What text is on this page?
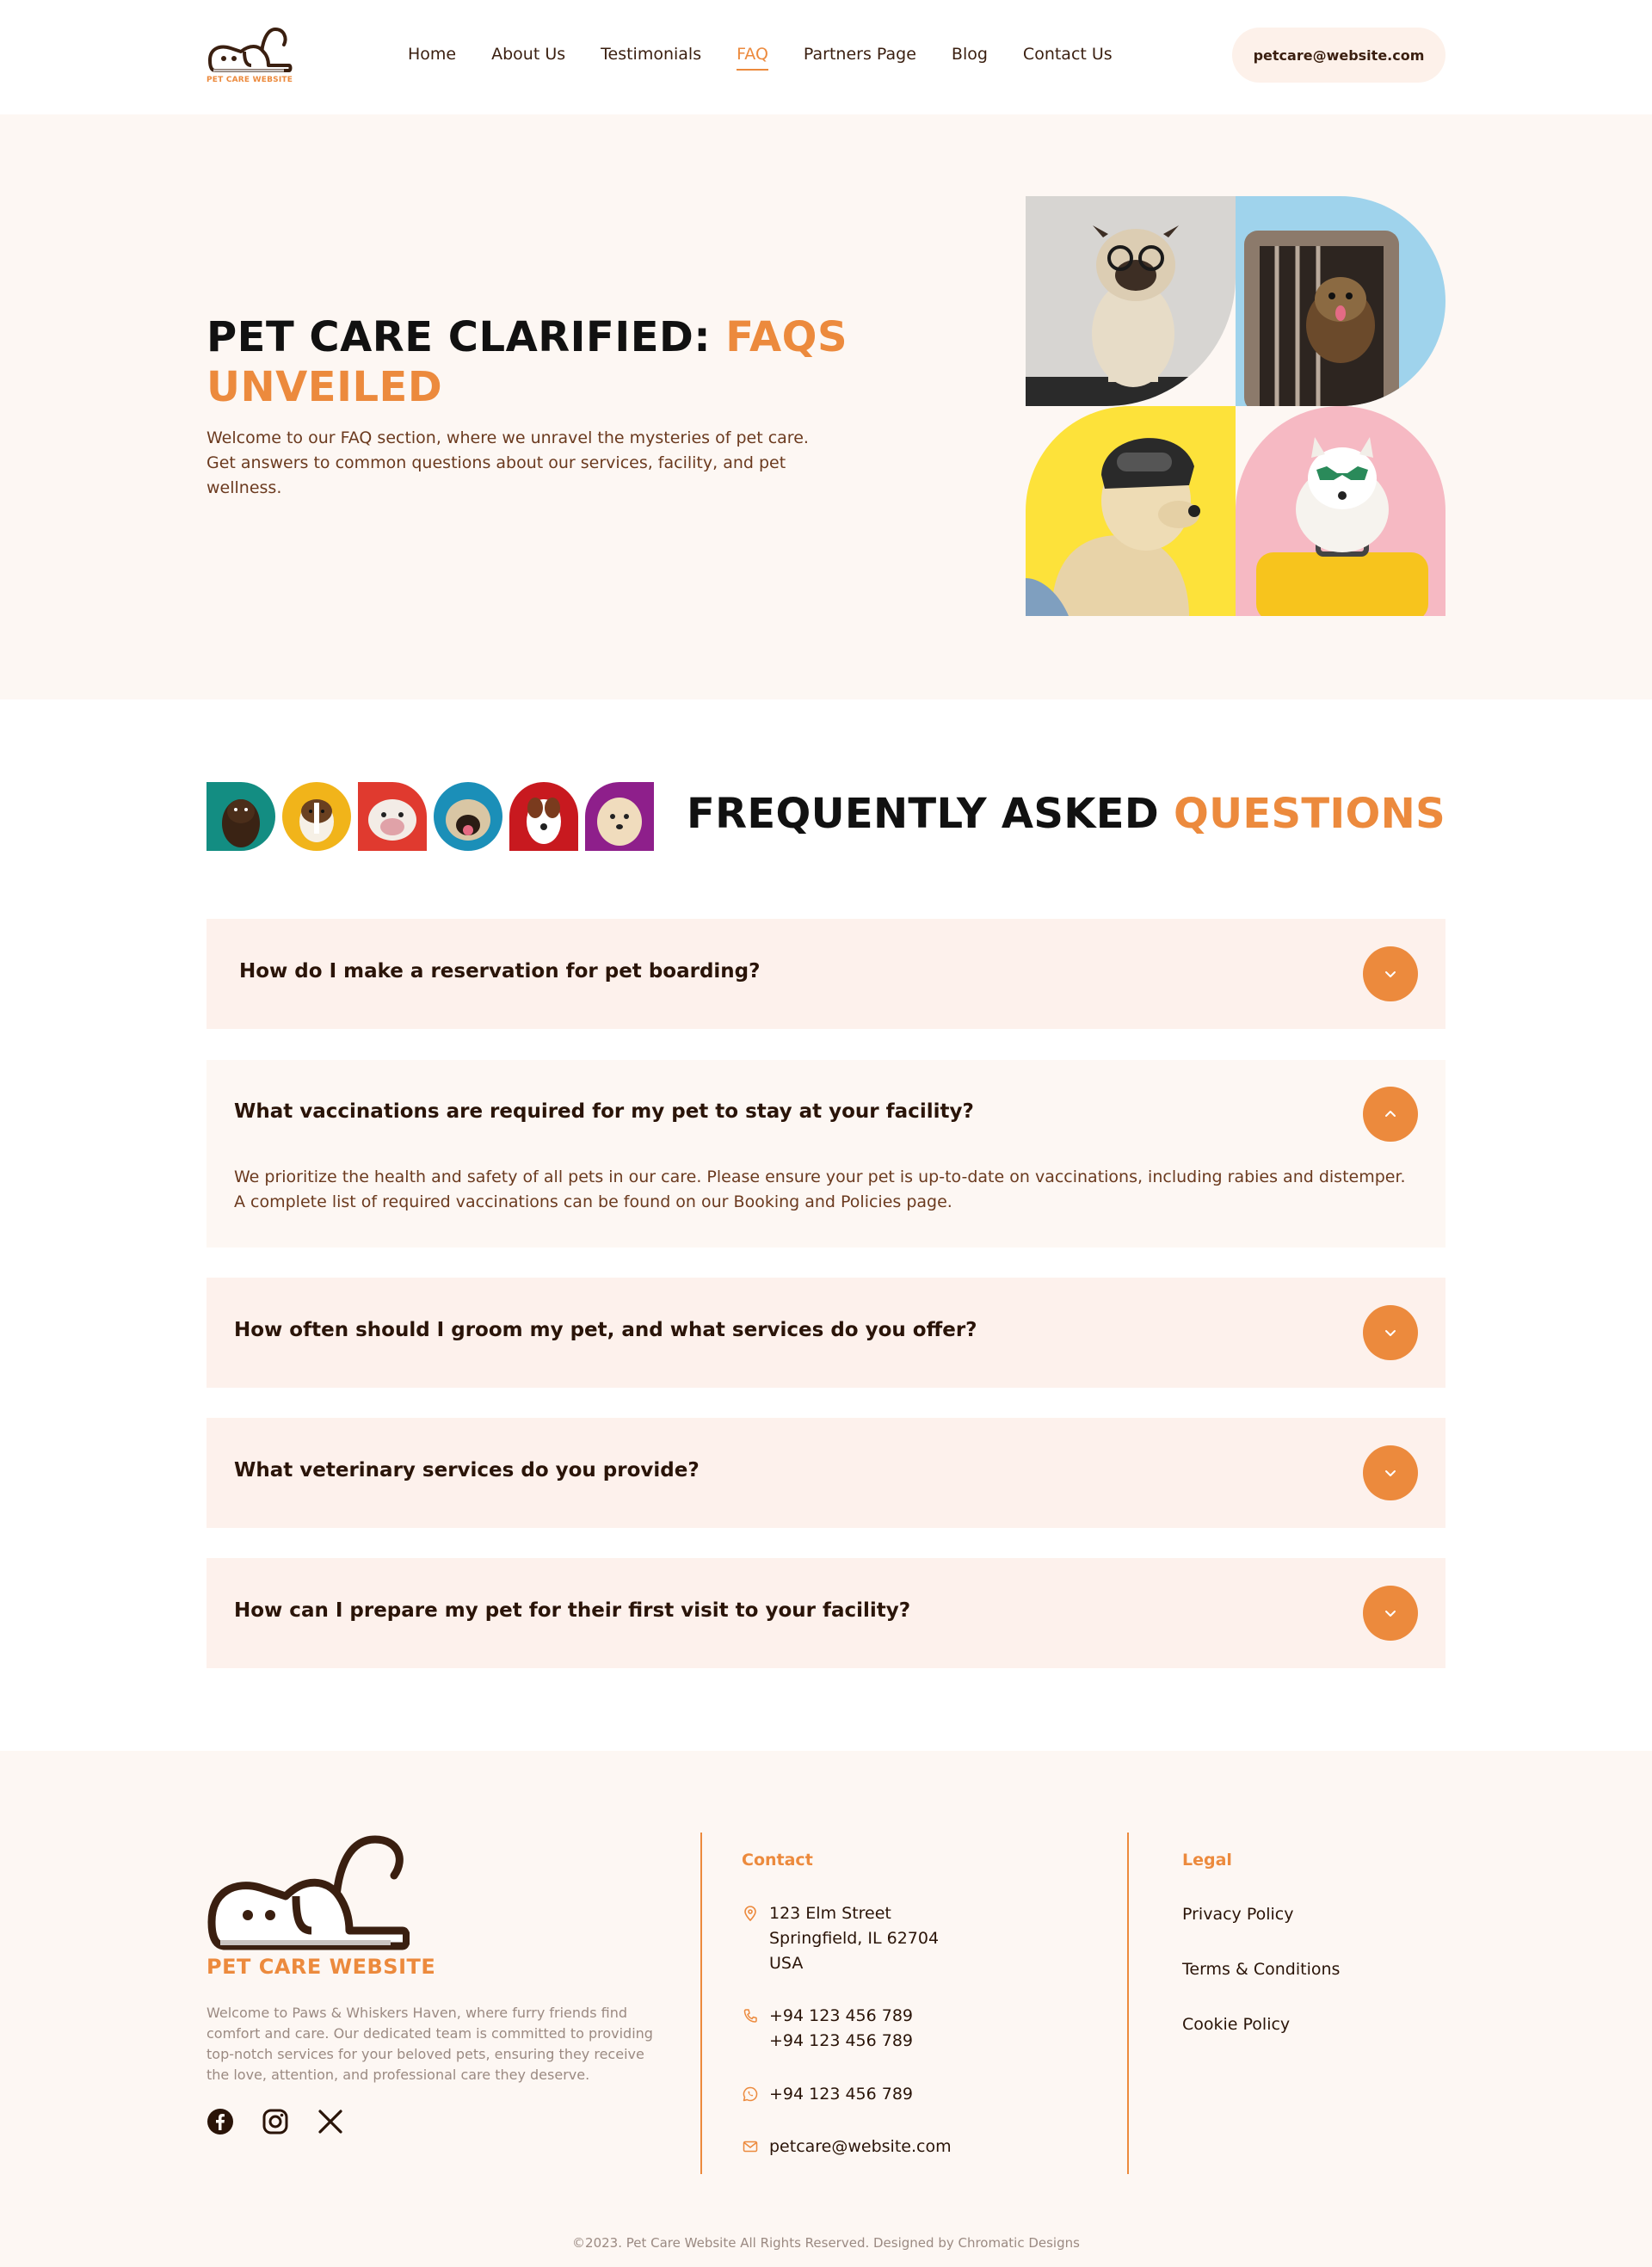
PET CARE WEBSITE
Home About Us Testimonials FAQ Partners Page Blog Contact Us	petcare@website.com
PET CARE CLARIFIED: FAQS UNVEILED

Welcome to our FAQ section, where we unravel the mysteries of pet care. Get answers to common questions about our services, facility, and pet wellness.

FREQUENTLY ASKED QUESTIONS
How do I make a reservation for pet boarding?
What vaccinations are required for my pet to stay at your facility?
We prioritize the health and safety of all pets in our care. Please ensure your pet is up-to-date on vaccinations, including rabies and distemper. A complete list of required vaccinations can be found on our Booking and Policies page.
How often should I groom my pet, and what services do you offer?
What veterinary services do you provide?
How can I prepare my pet for their first visit to your facility?
PET CARE WEBSITE

Welcome to Paws & Whiskers Haven, where furry friends find comfort and care. Our dedicated team is committed to providing top-notch services for your beloved pets, ensuring they receive the love, attention, and professional care they deserve.

Contact
123 Elm Street
Springfield, IL 62704
USA
+94 123 456 789
+94 123 456 789
+94 123 456 789
petcare@website.com
Legal
Privacy Policy
Terms & Conditions
Cookie Policy
©2023. Pet Care Website All Rights Reserved. Designed by Chromatic Designs
